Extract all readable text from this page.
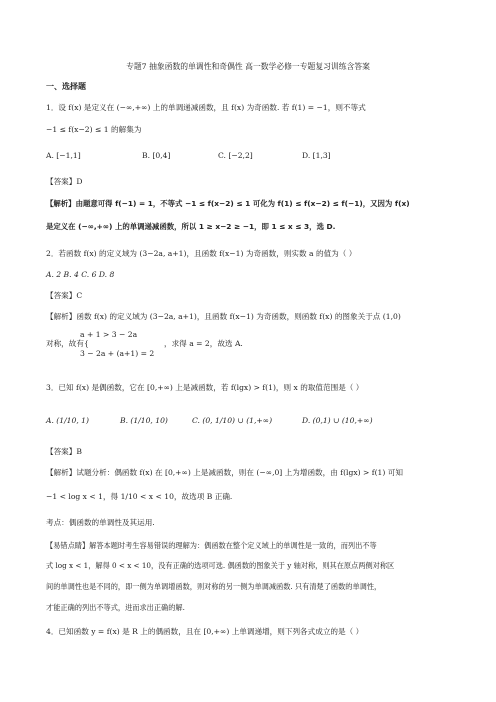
专题7 抽象函数的单调性和奇偶性 高一数学必修一专题复习训练含答案
一、选择题
1．设 f(x) 是定义在 (−∞,+∞) 上的单调递减函数，且 f(x) 为奇函数. 若 f(1) = −1，则不等式
−1 ≤ f(x−2) ≤ 1 的解集为
A. [−1,1]	B. [0,4]	C. [−2,2]	D. [1,3]
【答案】D
【解析】由题意可得 f(−1) = 1，不等式 −1 ≤ f(x−2) ≤ 1 可化为 f(1) ≤ f(x−2) ≤ f(−1)，又因为 f(x)
是定义在 (−∞,+∞) 上的单调递减函数，所以 1 ≥ x−2 ≥ −1，即 1 ≤ x ≤ 3，选 D.
2．若函数 f(x) 的定义域为 (3−2a, a+1)，且函数 f(x−1) 为奇函数，则实数 a 的值为（ ）
A. 2 B. 4 C. 6 D. 8
【答案】C
【解析】函数 f(x) 的定义域为 (3−2a, a+1)，且函数 f(x−1) 为奇函数，则函数 f(x) 的图象关于点 (1,0)
a + 1 > 3 − 2a
对称，故有{
3 − 2a + (a+1) = 2
，求得 a = 2，故选 A.
3．已知 f(x) 是偶函数，它在 [0,+∞) 上是减函数，若 f(lgx) > f(1)，则 x 的取值范围是（ ）
A. (1/10, 1)	B. (1/10, 10)	C. (0, 1/10) ∪ (1,+∞)	D. (0,1) ∪ (10,+∞)
【答案】B
【解析】试题分析：偶函数 f(x) 在 [0,+∞) 上是减函数，则在 (−∞,0] 上为增函数，由 f(lgx) > f(1) 可知
−1 < log x < 1，得 1/10 < x < 10，故选项 B 正确.
考点：偶函数的单调性及其运用.
【易错点睛】解答本题时考生容易错误的理解为：偶函数在整个定义域上的单调性是一致的，而列出不等
式 log x < 1，解得 0 < x < 10，没有正确的选项可选. 偶函数的图象关于 y 轴对称，则其在原点两侧对称区
间的单调性也是不同的，即一侧为单调增函数，则对称的另一侧为单调减函数. 只有清楚了函数的单调性，
才能正确的列出不等式，进而求出正确的解.
4．已知函数 y = f(x) 是 R 上的偶函数，且在 [0,+∞) 上单调递增，则下列各式成立的是（ ）
